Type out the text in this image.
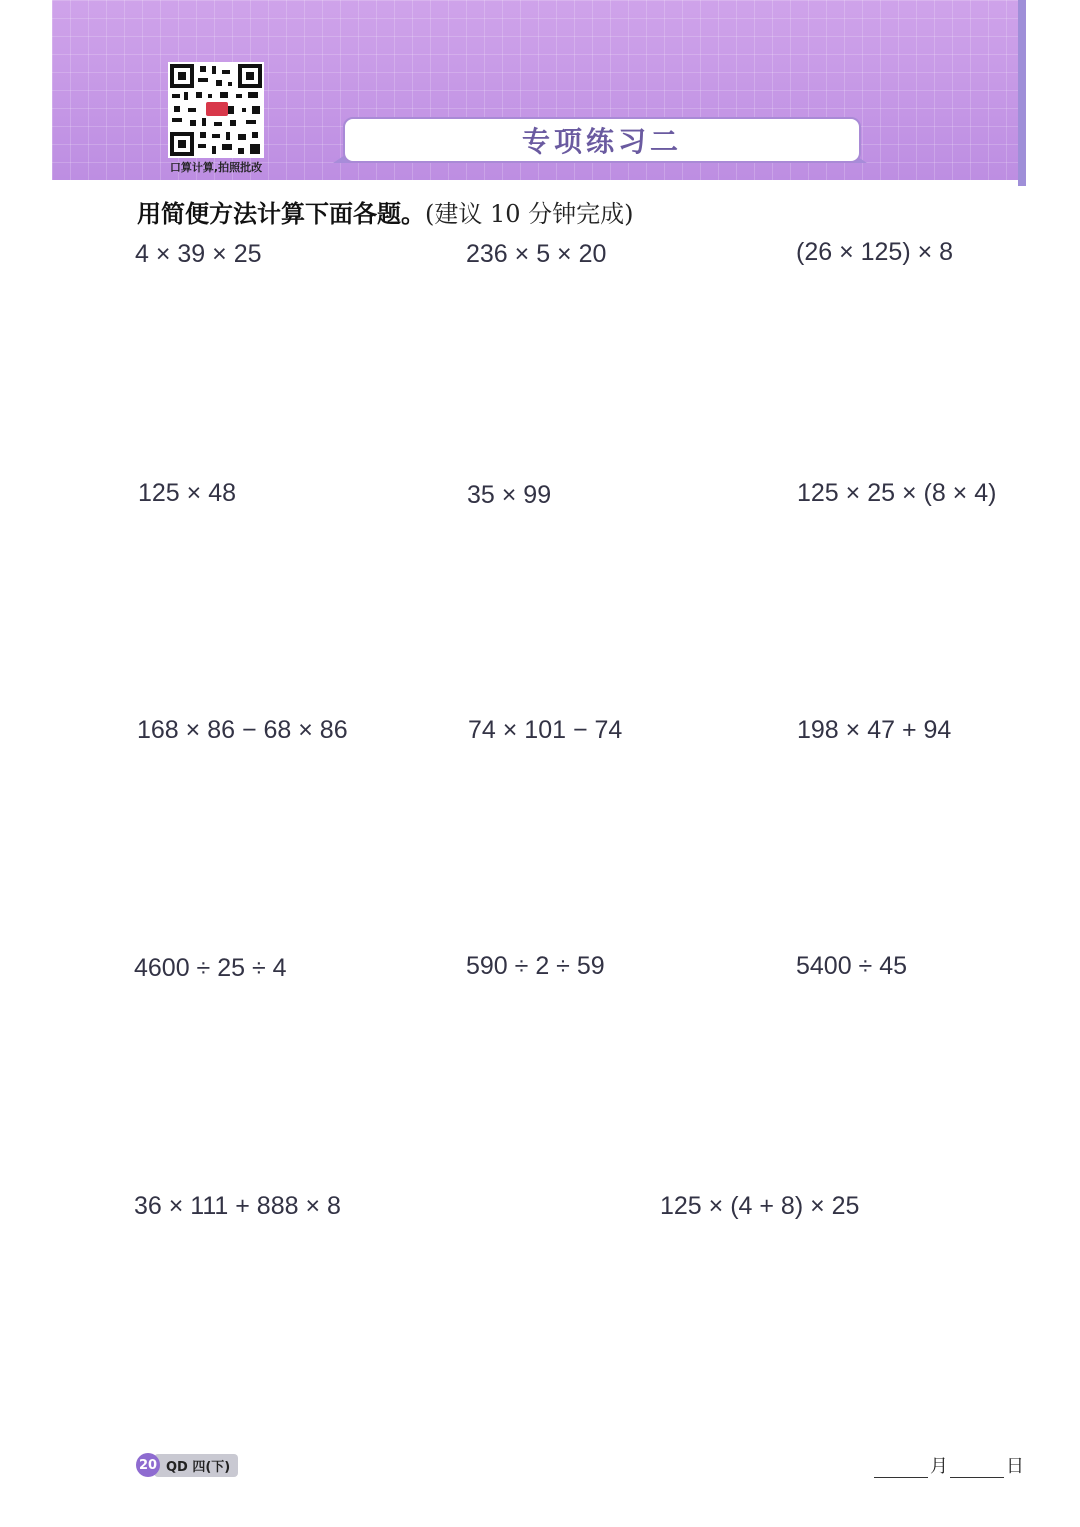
口算计算,拍照批改
专项练习二
用简便方法计算下面各题。(建议 10 分钟完成)
4 × 39 × 25	236 × 5 × 20	(26 × 125) × 8
125 × 48	35 × 99	125 × 25 × (8 × 4)
168 × 86 − 68 × 86	74 × 101 − 74	198 × 47 + 94
4600 ÷ 25 ÷ 4	590 ÷ 2 ÷ 59	5400 ÷ 45
36 × 111 + 888 × 8	125 × (4 + 8) × 25
20 QD 四(下)	月	日
